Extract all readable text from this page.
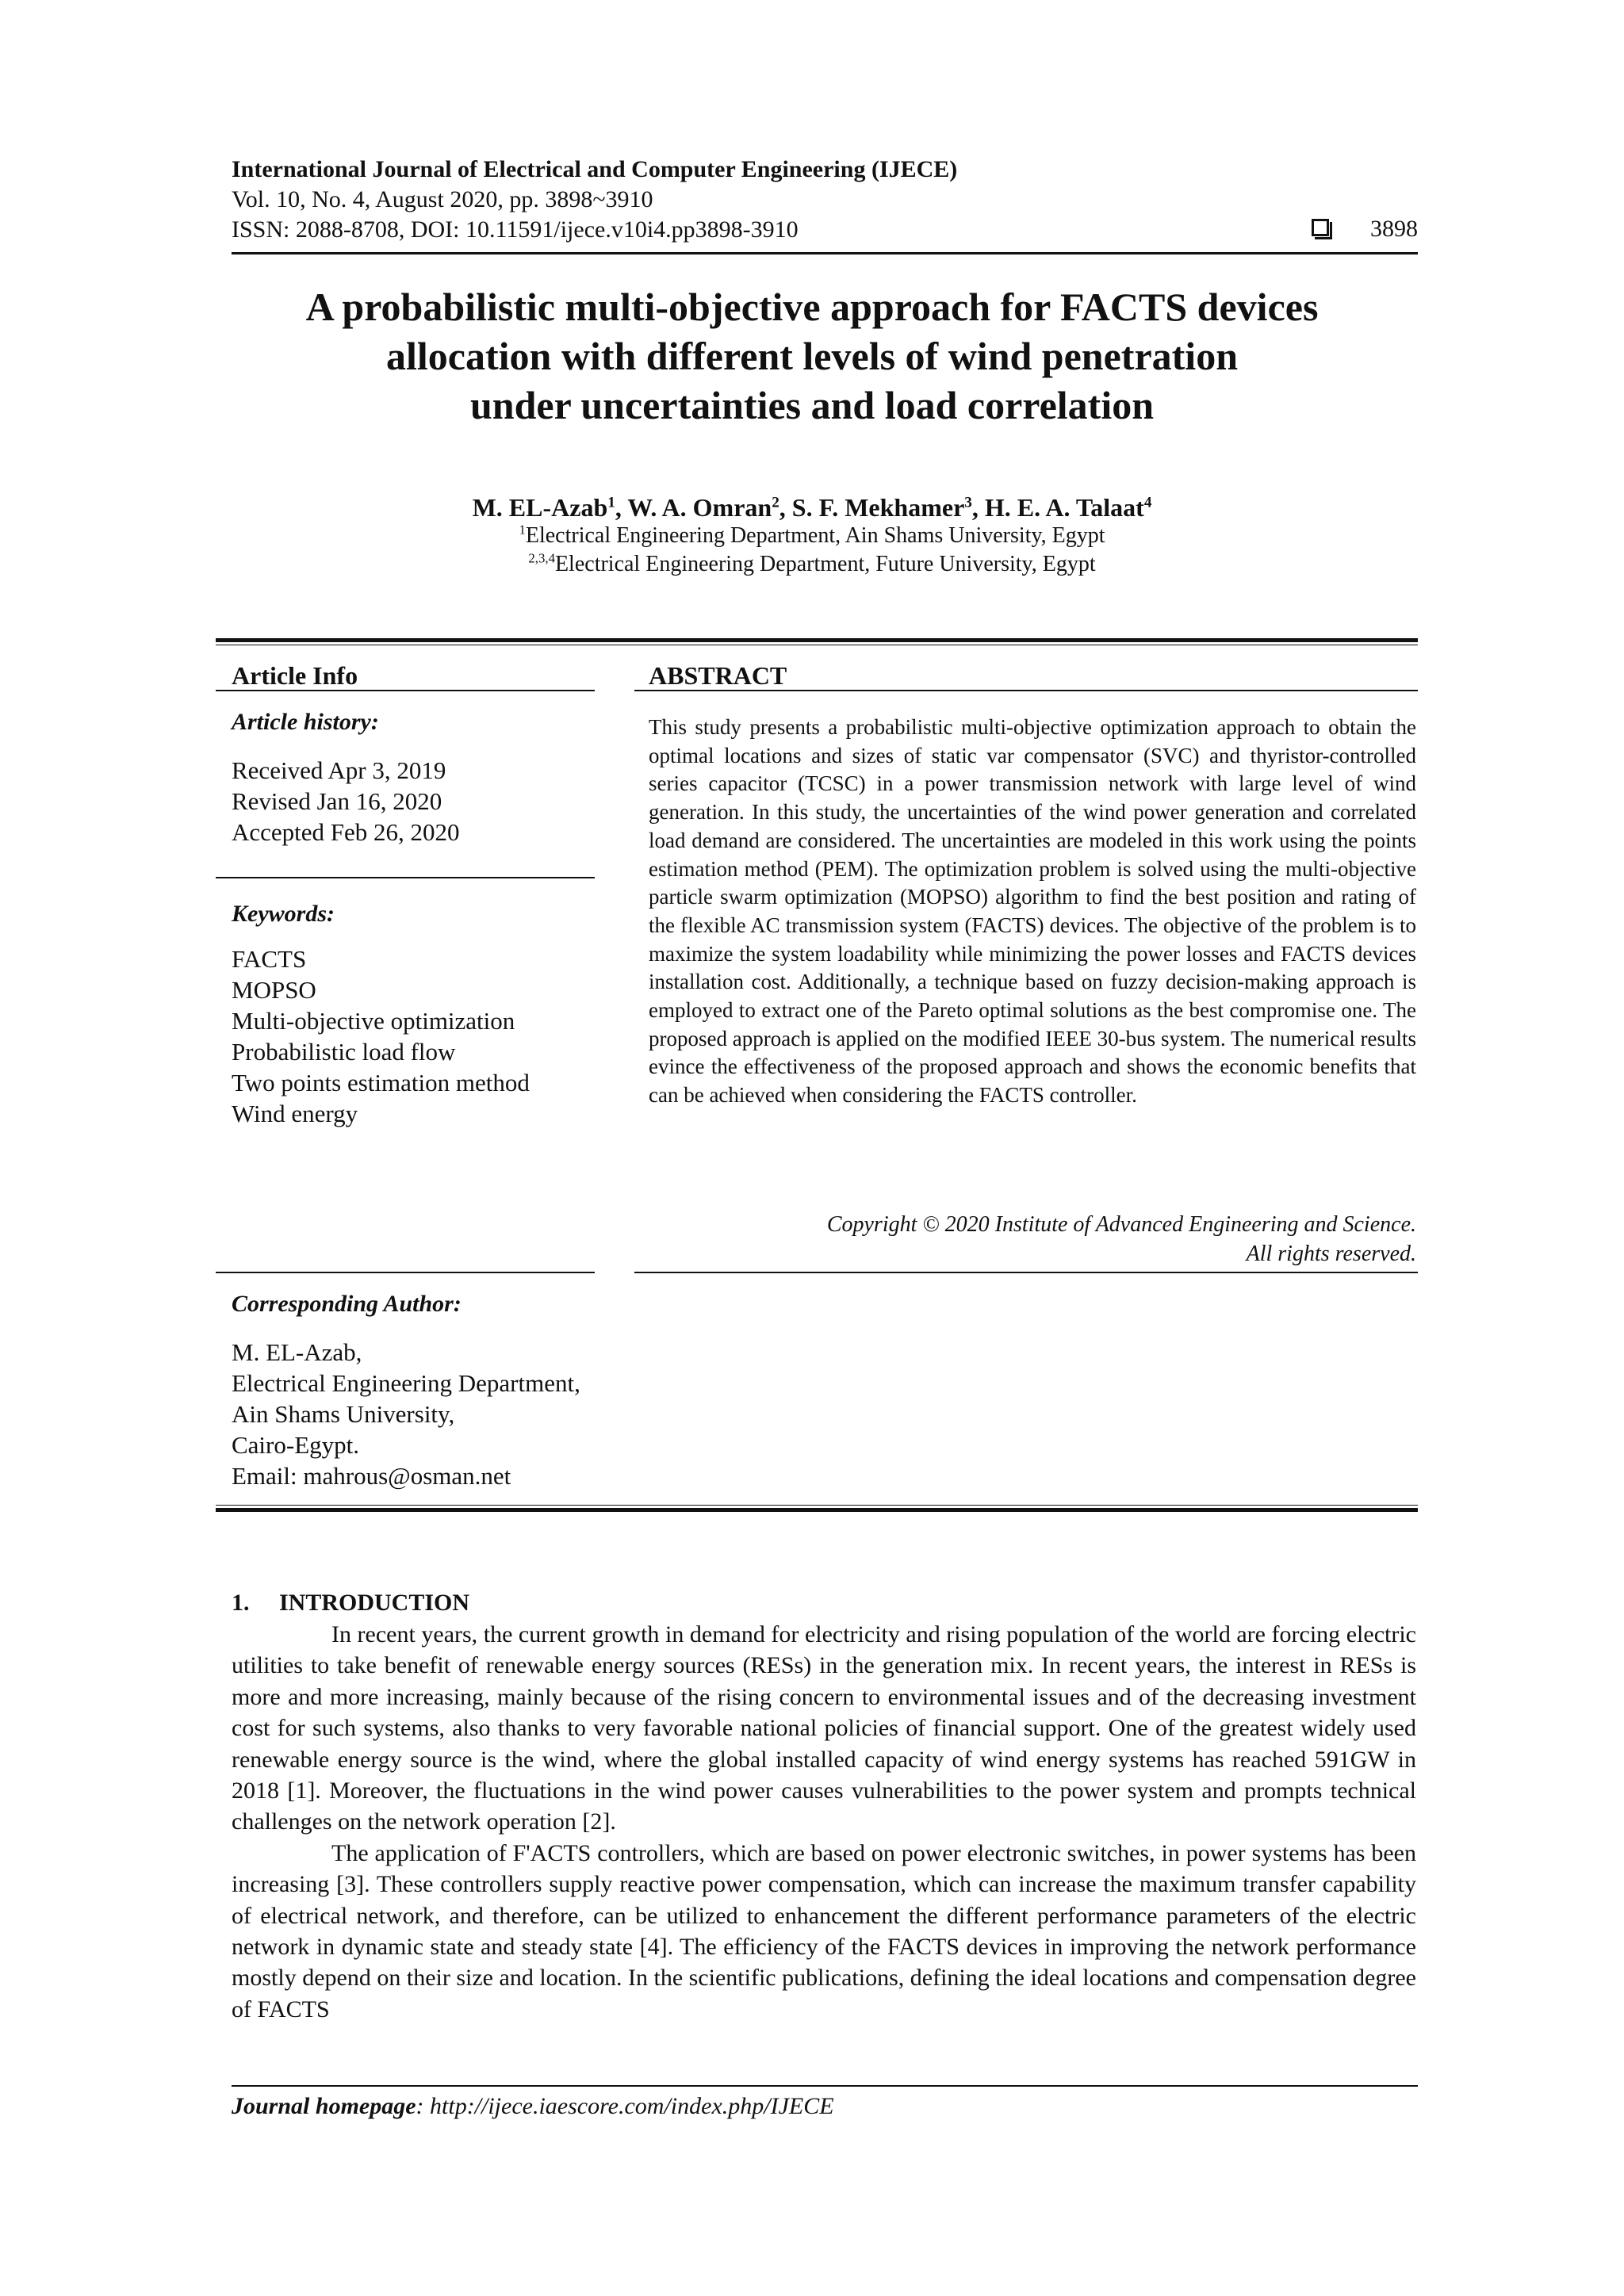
International Journal of Electrical and Computer Engineering (IJECE)
Vol. 10, No. 4, August 2020, pp. 3898~3910
ISSN: 2088-8708, DOI: 10.11591/ijece.v10i4.pp3898-3910	3898
A probabilistic multi-objective approach for FACTS devices
allocation with different levels of wind penetration
under uncertainties and load correlation
M. EL-Azab$^1$, W. A. Omran$^2$, S. F. Mekhamer$^3$, H. E. A. Talaat$^4$
$^1$Electrical Engineering Department, Ain Shams University, Egypt
$^{2,3,4}$Electrical Engineering Department, Future University, Egypt
Article Info
Article history:
Received Apr 3, 2019
Revised Jan 16, 2020
Accepted Feb 26, 2020
Keywords:
FACTS
MOPSO
Multi-objective optimization
Probabilistic load flow
Two points estimation method
Wind energy
ABSTRACT
This study presents a probabilistic multi-objective optimization approach to obtain the optimal locations and sizes of static var compensator (SVC) and thyristor-controlled series capacitor (TCSC) in a power transmission network with large level of wind generation. In this study, the uncertainties of the wind power generation and correlated load demand are considered. The uncertainties are modeled in this work using the points estimation method (PEM). The optimization problem is solved using the multi-objective particle swarm optimization (MOPSO) algorithm to find the best position and rating of the flexible AC transmission system (FACTS) devices. The objective of the problem is to maximize the system loadability while minimizing the power losses and FACTS devices installation cost. Additionally, a technique based on fuzzy decision-making approach is employed to extract one of the Pareto optimal solutions as the best compromise one. The proposed approach is applied on the modified IEEE 30-bus system. The numerical results evince the effectiveness of the proposed approach and shows the economic benefits that can be achieved when considering the FACTS controller.
Copyright © 2020 Institute of Advanced Engineering and Science.
All rights reserved.
Corresponding Author:
M. EL-Azab,
Electrical Engineering Department,
Ain Shams University,
Cairo-Egypt.
Email: mahrous@osman.net
1.     INTRODUCTION

In recent years, the current growth in demand for electricity and rising population of the world are forcing electric utilities to take benefit of renewable energy sources (RESs) in the generation mix. In recent years, the interest in RESs is more and more increasing, mainly because of the rising concern to environmental issues and of the decreasing investment cost for such systems, also thanks to very favorable national policies of financial support. One of the greatest widely used renewable energy source is the wind, where the global installed capacity of wind energy systems has reached 591GW in 2018 [1]. Moreover, the fluctuations in the wind power causes vulnerabilities to the power system and prompts technical challenges on the network operation [2].

The application of F'ACTS controllers, which are based on power electronic switches, in power systems has been increasing [3]. These controllers supply reactive power compensation, which can increase the maximum transfer capability of electrical network, and therefore, can be utilized to enhancement the different performance parameters of the electric network in dynamic state and steady state [4]. The efficiency of the FACTS devices in improving the network performance mostly depend on their size and location. In the scientific publications, defining the ideal locations and compensation degree of FACTS

Journal homepage: http://ijece.iaescore.com/index.php/IJECE
